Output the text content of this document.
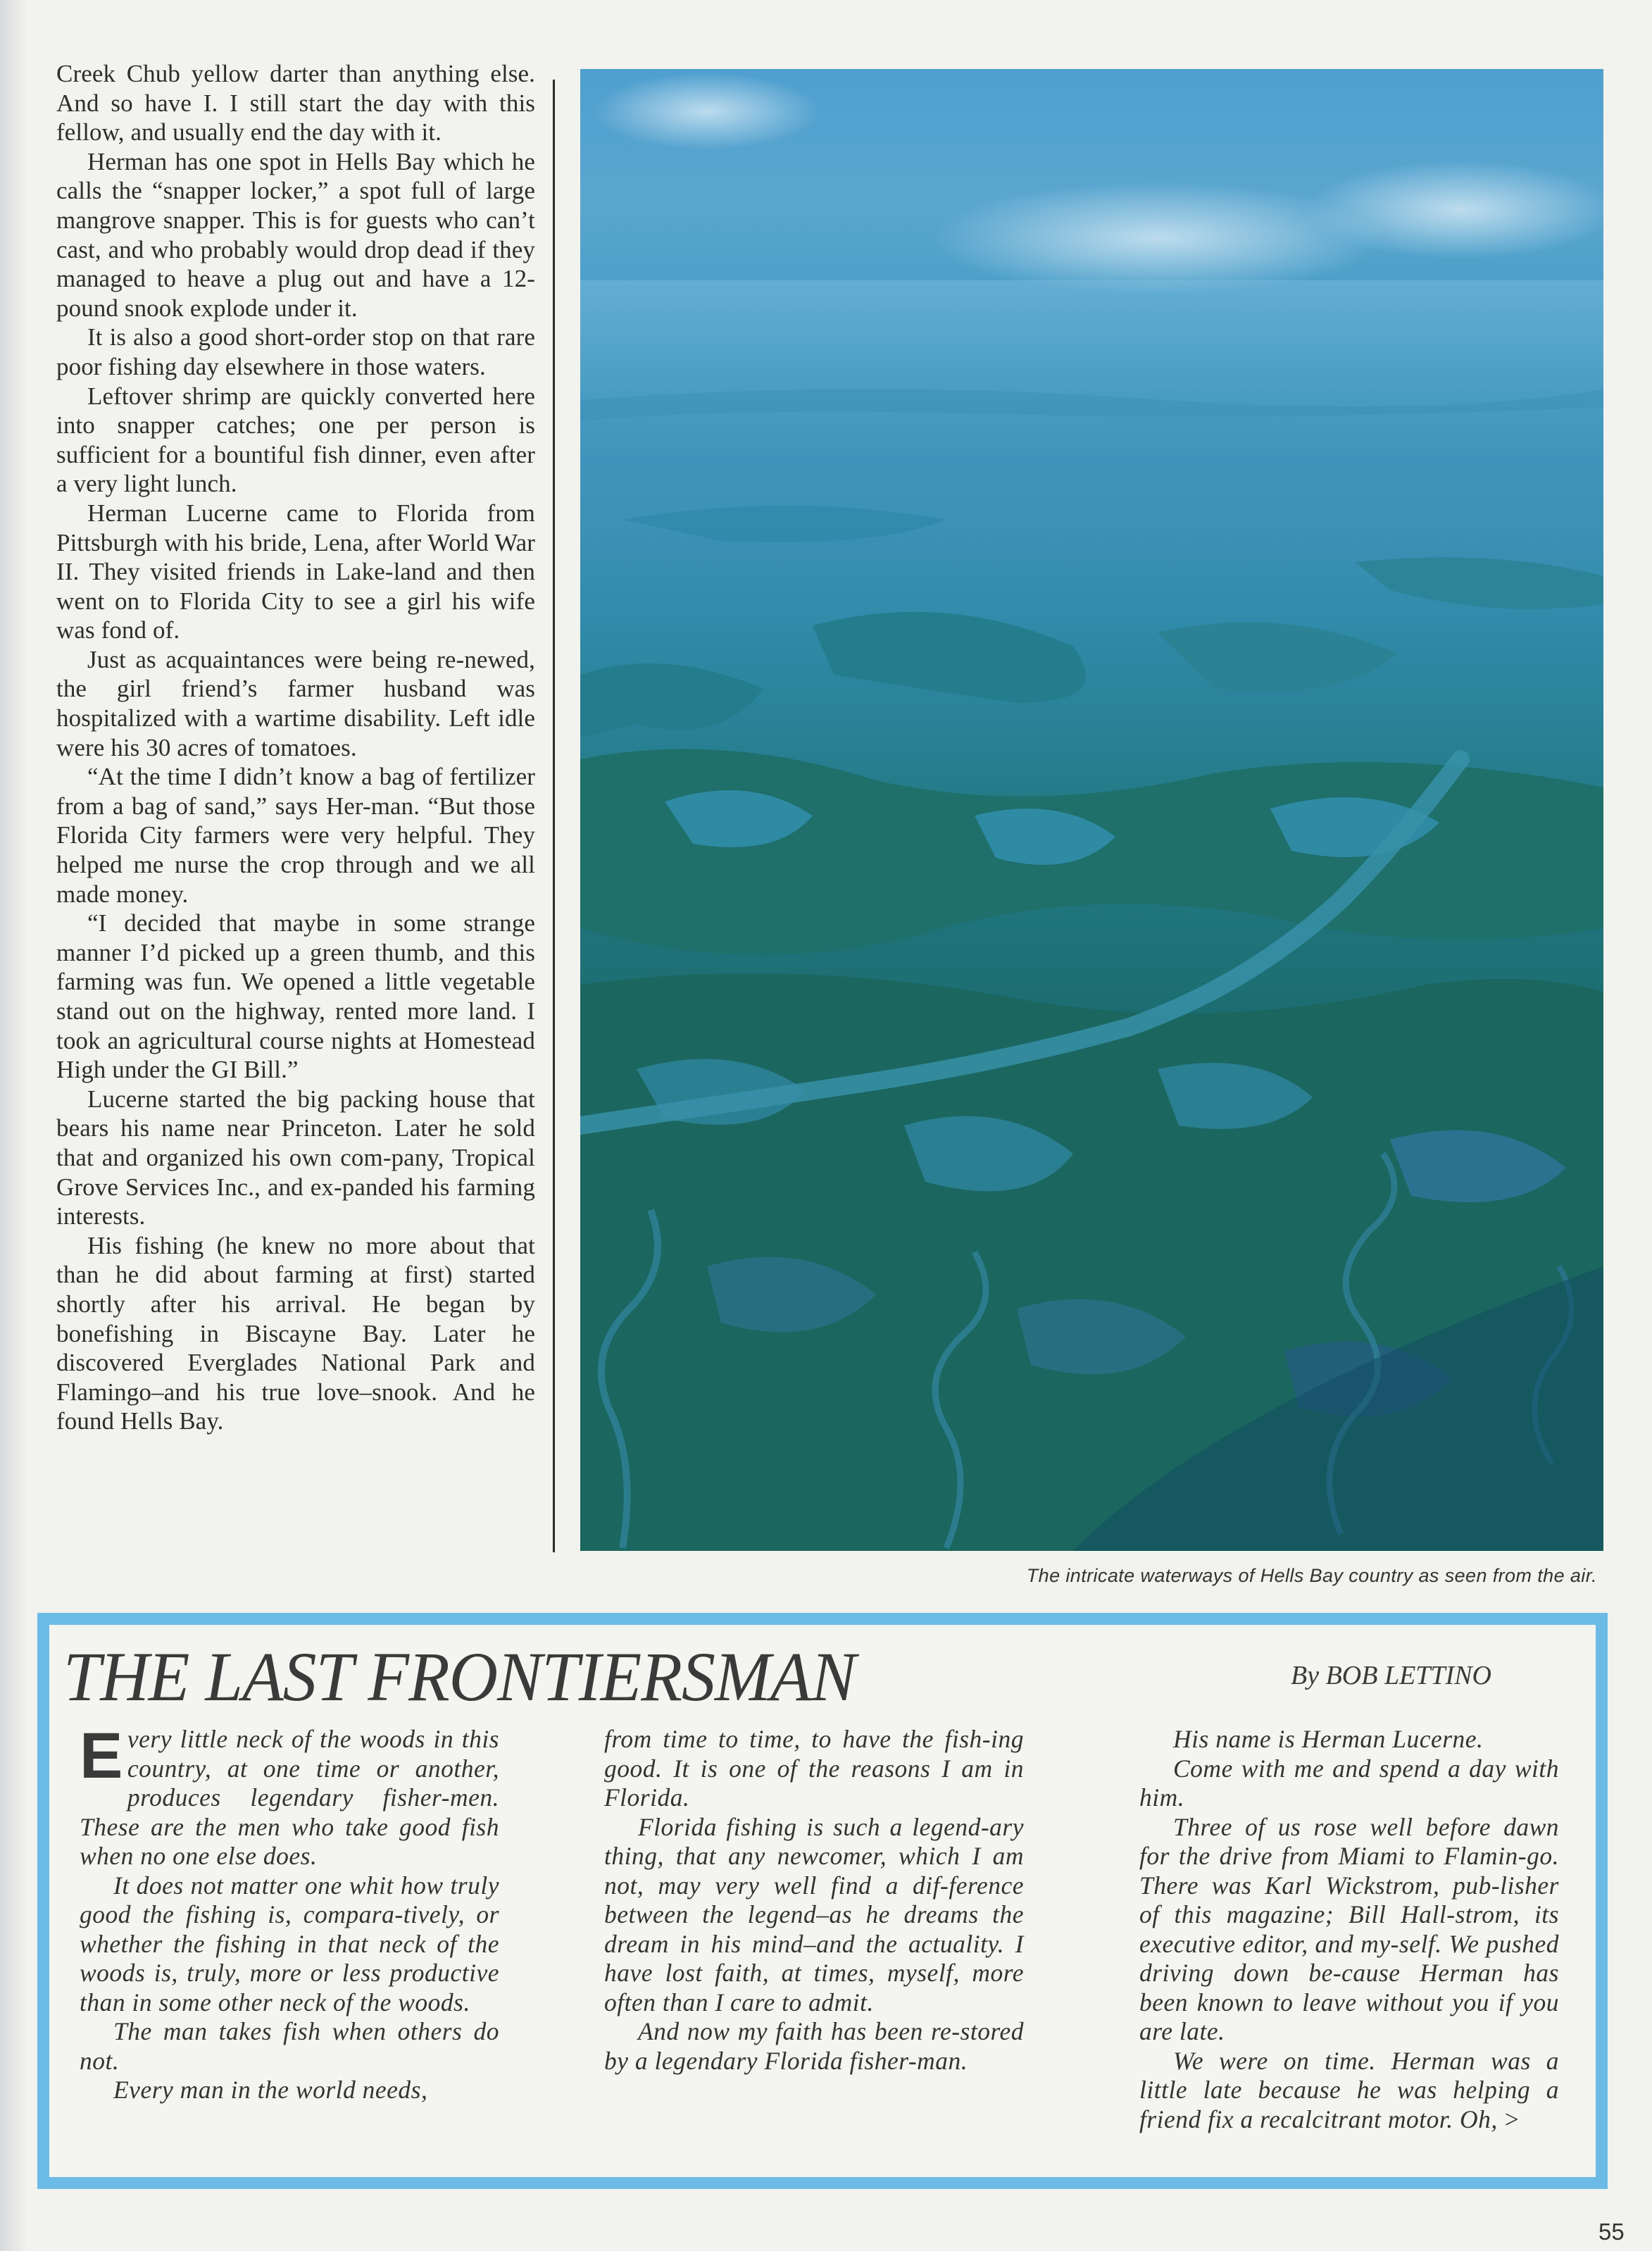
Creek Chub yellow darter than anything else. And so have I. I still start the day with this fellow, and usually end the day with it.

Herman has one spot in Hells Bay which he calls the “snapper locker,” a spot full of large mangrove snapper. This is for guests who can’t cast, and who probably would drop dead if they managed to heave a plug out and have a 12-pound snook explode under it.

It is also a good short-order stop on that rare poor fishing day elsewhere in those waters.

Leftover shrimp are quickly converted here into snapper catches; one per person is sufficient for a bountiful fish dinner, even after a very light lunch.

Herman Lucerne came to Florida from Pittsburgh with his bride, Lena, after World War II. They visited friends in Lake-land and then went on to Florida City to see a girl his wife was fond of.

Just as acquaintances were being re-newed, the girl friend’s farmer husband was hospitalized with a wartime disability. Left idle were his 30 acres of tomatoes.

“At the time I didn’t know a bag of fertilizer from a bag of sand,” says Her-man. “But those Florida City farmers were very helpful. They helped me nurse the crop through and we all made money.

“I decided that maybe in some strange manner I’d picked up a green thumb, and this farming was fun. We opened a little vegetable stand out on the highway, rented more land. I took an agricultural course nights at Homestead High under the GI Bill.”

Lucerne started the big packing house that bears his name near Princeton. Later he sold that and organized his own com-pany, Tropical Grove Services Inc., and ex-panded his farming interests.

His fishing (he knew no more about that than he did about farming at first) started shortly after his arrival. He began by bonefishing in Biscayne Bay. Later he discovered Everglades National Park and Flamingo–and his true love–snook. And he found Hells Bay.

The intricate waterways of Hells Bay country as seen from the air.
THE LAST FRONTIERSMAN	By BOB LETTINO

Every little neck of the woods in this country, at one time or another, produces legendary fisher-men. These are the men who take good fish when no one else does.

It does not matter one whit how truly good the fishing is, compara-tively, or whether the fishing in that neck of the woods is, truly, more or less productive than in some other neck of the woods.

The man takes fish when others do not.

Every man in the world needs,

from time to time, to have the fish-ing good. It is one of the reasons I am in Florida.

Florida fishing is such a legend-ary thing, that any newcomer, which I am not, may very well find a dif-ference between the legend–as he dreams the dream in his mind–and the actuality. I have lost faith, at times, myself, more often than I care to admit.

And now my faith has been re-stored by a legendary Florida fisher-man.

His name is Herman Lucerne.

Come with me and spend a day with him.

Three of us rose well before dawn for the drive from Miami to Flamin-go. There was Karl Wickstrom, pub-lisher of this magazine; Bill Hall-strom, its executive editor, and my-self. We pushed driving down be-cause Herman has been known to leave without you if you are late.

We were on time. Herman was a little late because he was helping a friend fix a recalcitrant motor. Oh, >

55
